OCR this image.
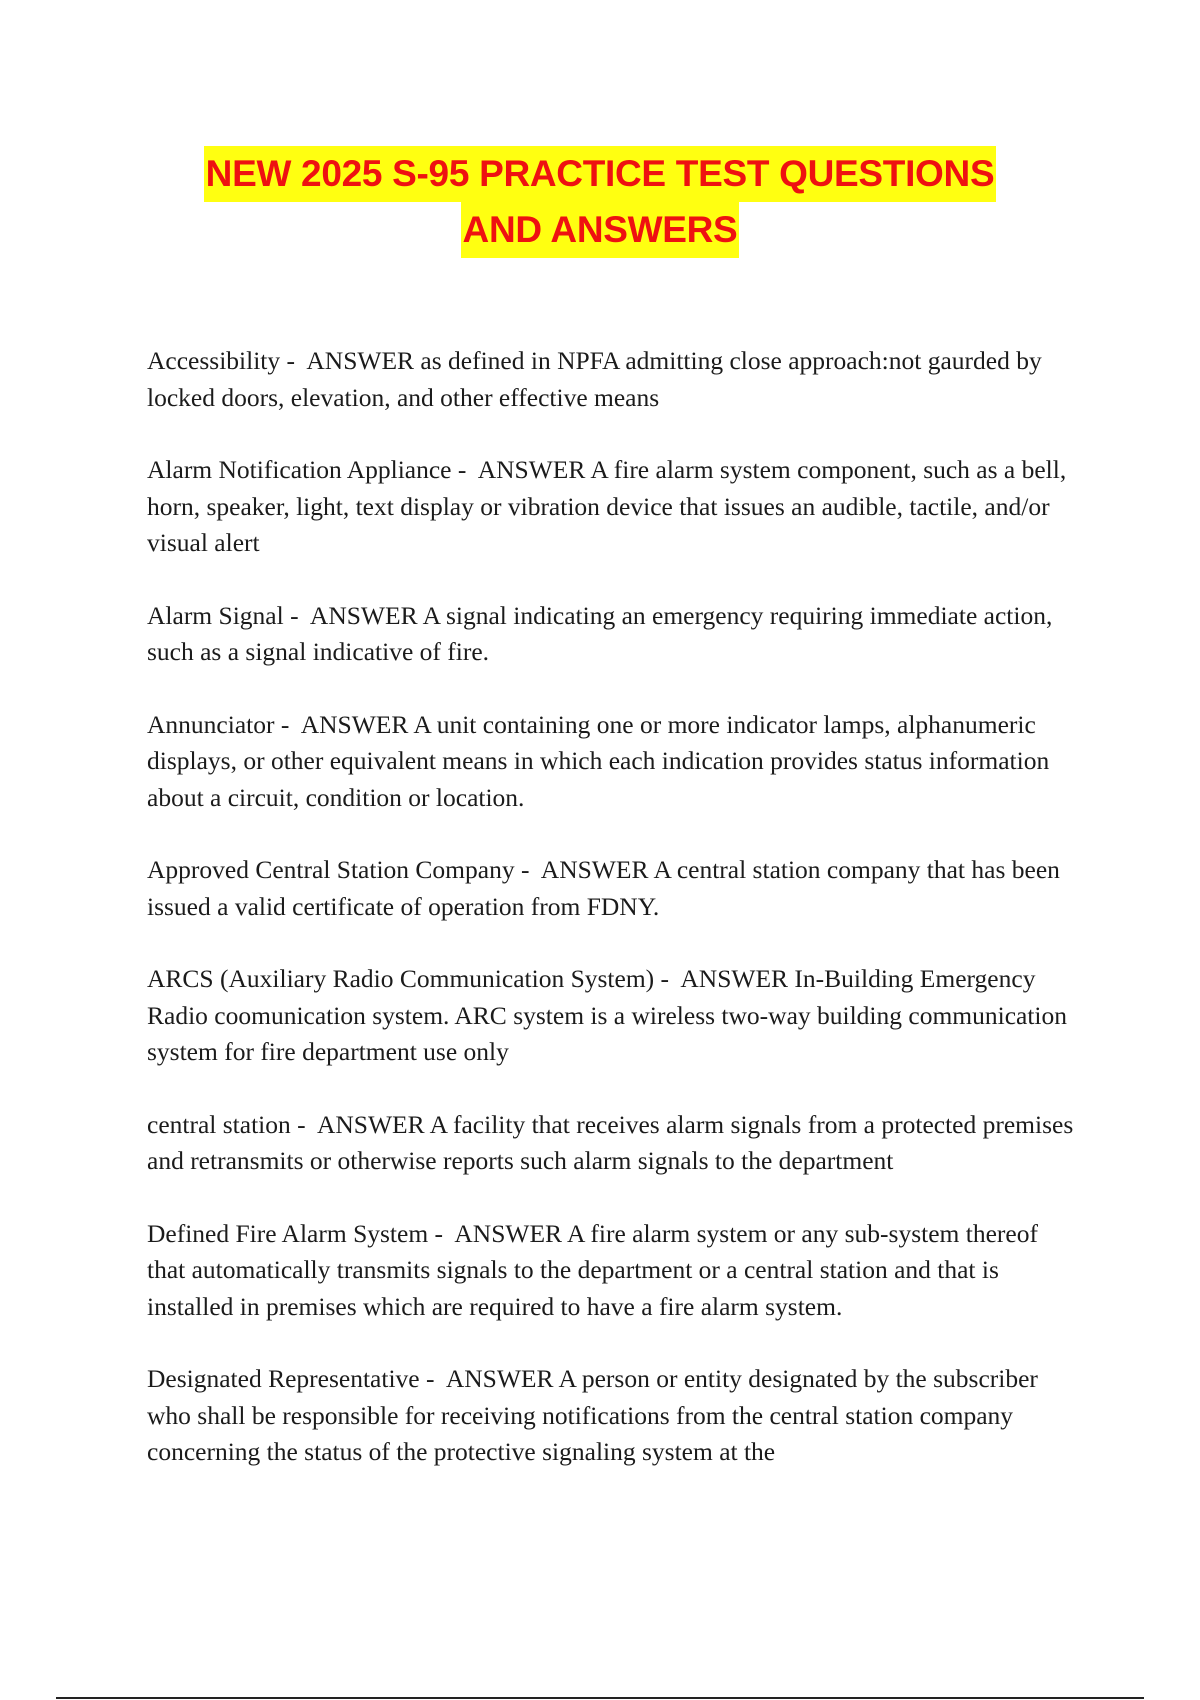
NEW 2025 S-95 PRACTICE TEST QUESTIONS
AND ANSWERS

Accessibility -  ANSWER as defined in NPFA admitting close approach:not gaurded by locked doors, elevation, and other effective means

Alarm Notification Appliance -  ANSWER A fire alarm system component, such as a bell, horn, speaker, light, text display or vibration device that issues an audible, tactile, and/or visual alert

Alarm Signal -  ANSWER A signal indicating an emergency requiring immediate action, such as a signal indicative of fire.

Annunciator -  ANSWER A unit containing one or more indicator lamps, alphanumeric displays, or other equivalent means in which each indication provides status information about a circuit, condition or location.

Approved Central Station Company -  ANSWER A central station company that has been issued a valid certificate of operation from FDNY.

ARCS (Auxiliary Radio Communication System) -  ANSWER In-Building Emergency Radio coomunication system. ARC system is a wireless two-way building communication system for fire department use only

central station -  ANSWER A facility that receives alarm signals from a protected premises and retransmits or otherwise reports such alarm signals to the department

Defined Fire Alarm System -  ANSWER A fire alarm system or any sub-system thereof that automatically transmits signals to the department or a central station and that is installed in premises which are required to have a fire alarm system.

Designated Representative -  ANSWER A person or entity designated by the subscriber who shall be responsible for receiving notifications from the central station company concerning the status of the protective signaling system at the
